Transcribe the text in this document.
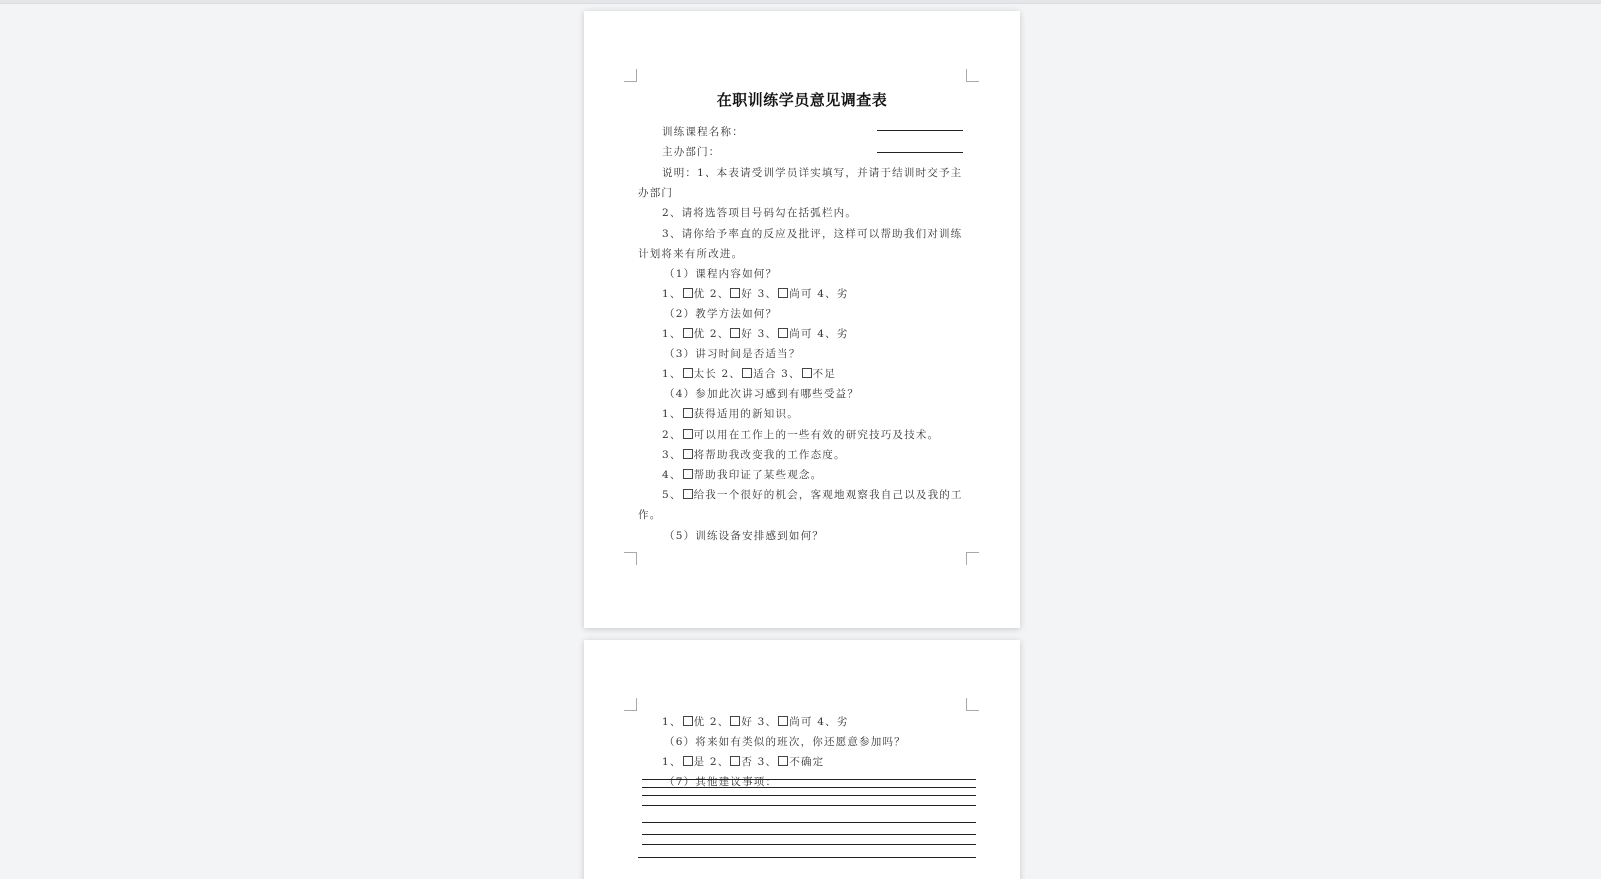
在职训练学员意见调查表
训练课程名称：
主办部门：
说明：1、本表请受训学员详实填写，并请于结训时交予主
办部门
2、请将选答项目号码勾在括弧栏内。
3、请你给予率直的反应及批评，这样可以帮助我们对训练
计划将来有所改进。
（1）课程内容如何？
1、 优 2、 好 3、 尚可 4、劣
（2）教学方法如何？
1、 优 2、 好 3、 尚可 4、劣
（3）讲习时间是否适当？
1、 太长 2、 适合 3、 不足
（4）参加此次讲习感到有哪些受益？
1、 获得适用的新知识。
2、 可以用在工作上的一些有效的研究技巧及技术。
3、 将帮助我改变我的工作态度。
4、 帮助我印证了某些观念。
5、 给我一个很好的机会，客观地观察我自己以及我的工
作。
（5）训练设备安排感到如何？
1、 优 2、 好 3、 尚可 4、劣
（6）将来如有类似的班次，你还愿意参加吗？
1、 是 2、 否 3、 不确定
（7）其他建议事项：
